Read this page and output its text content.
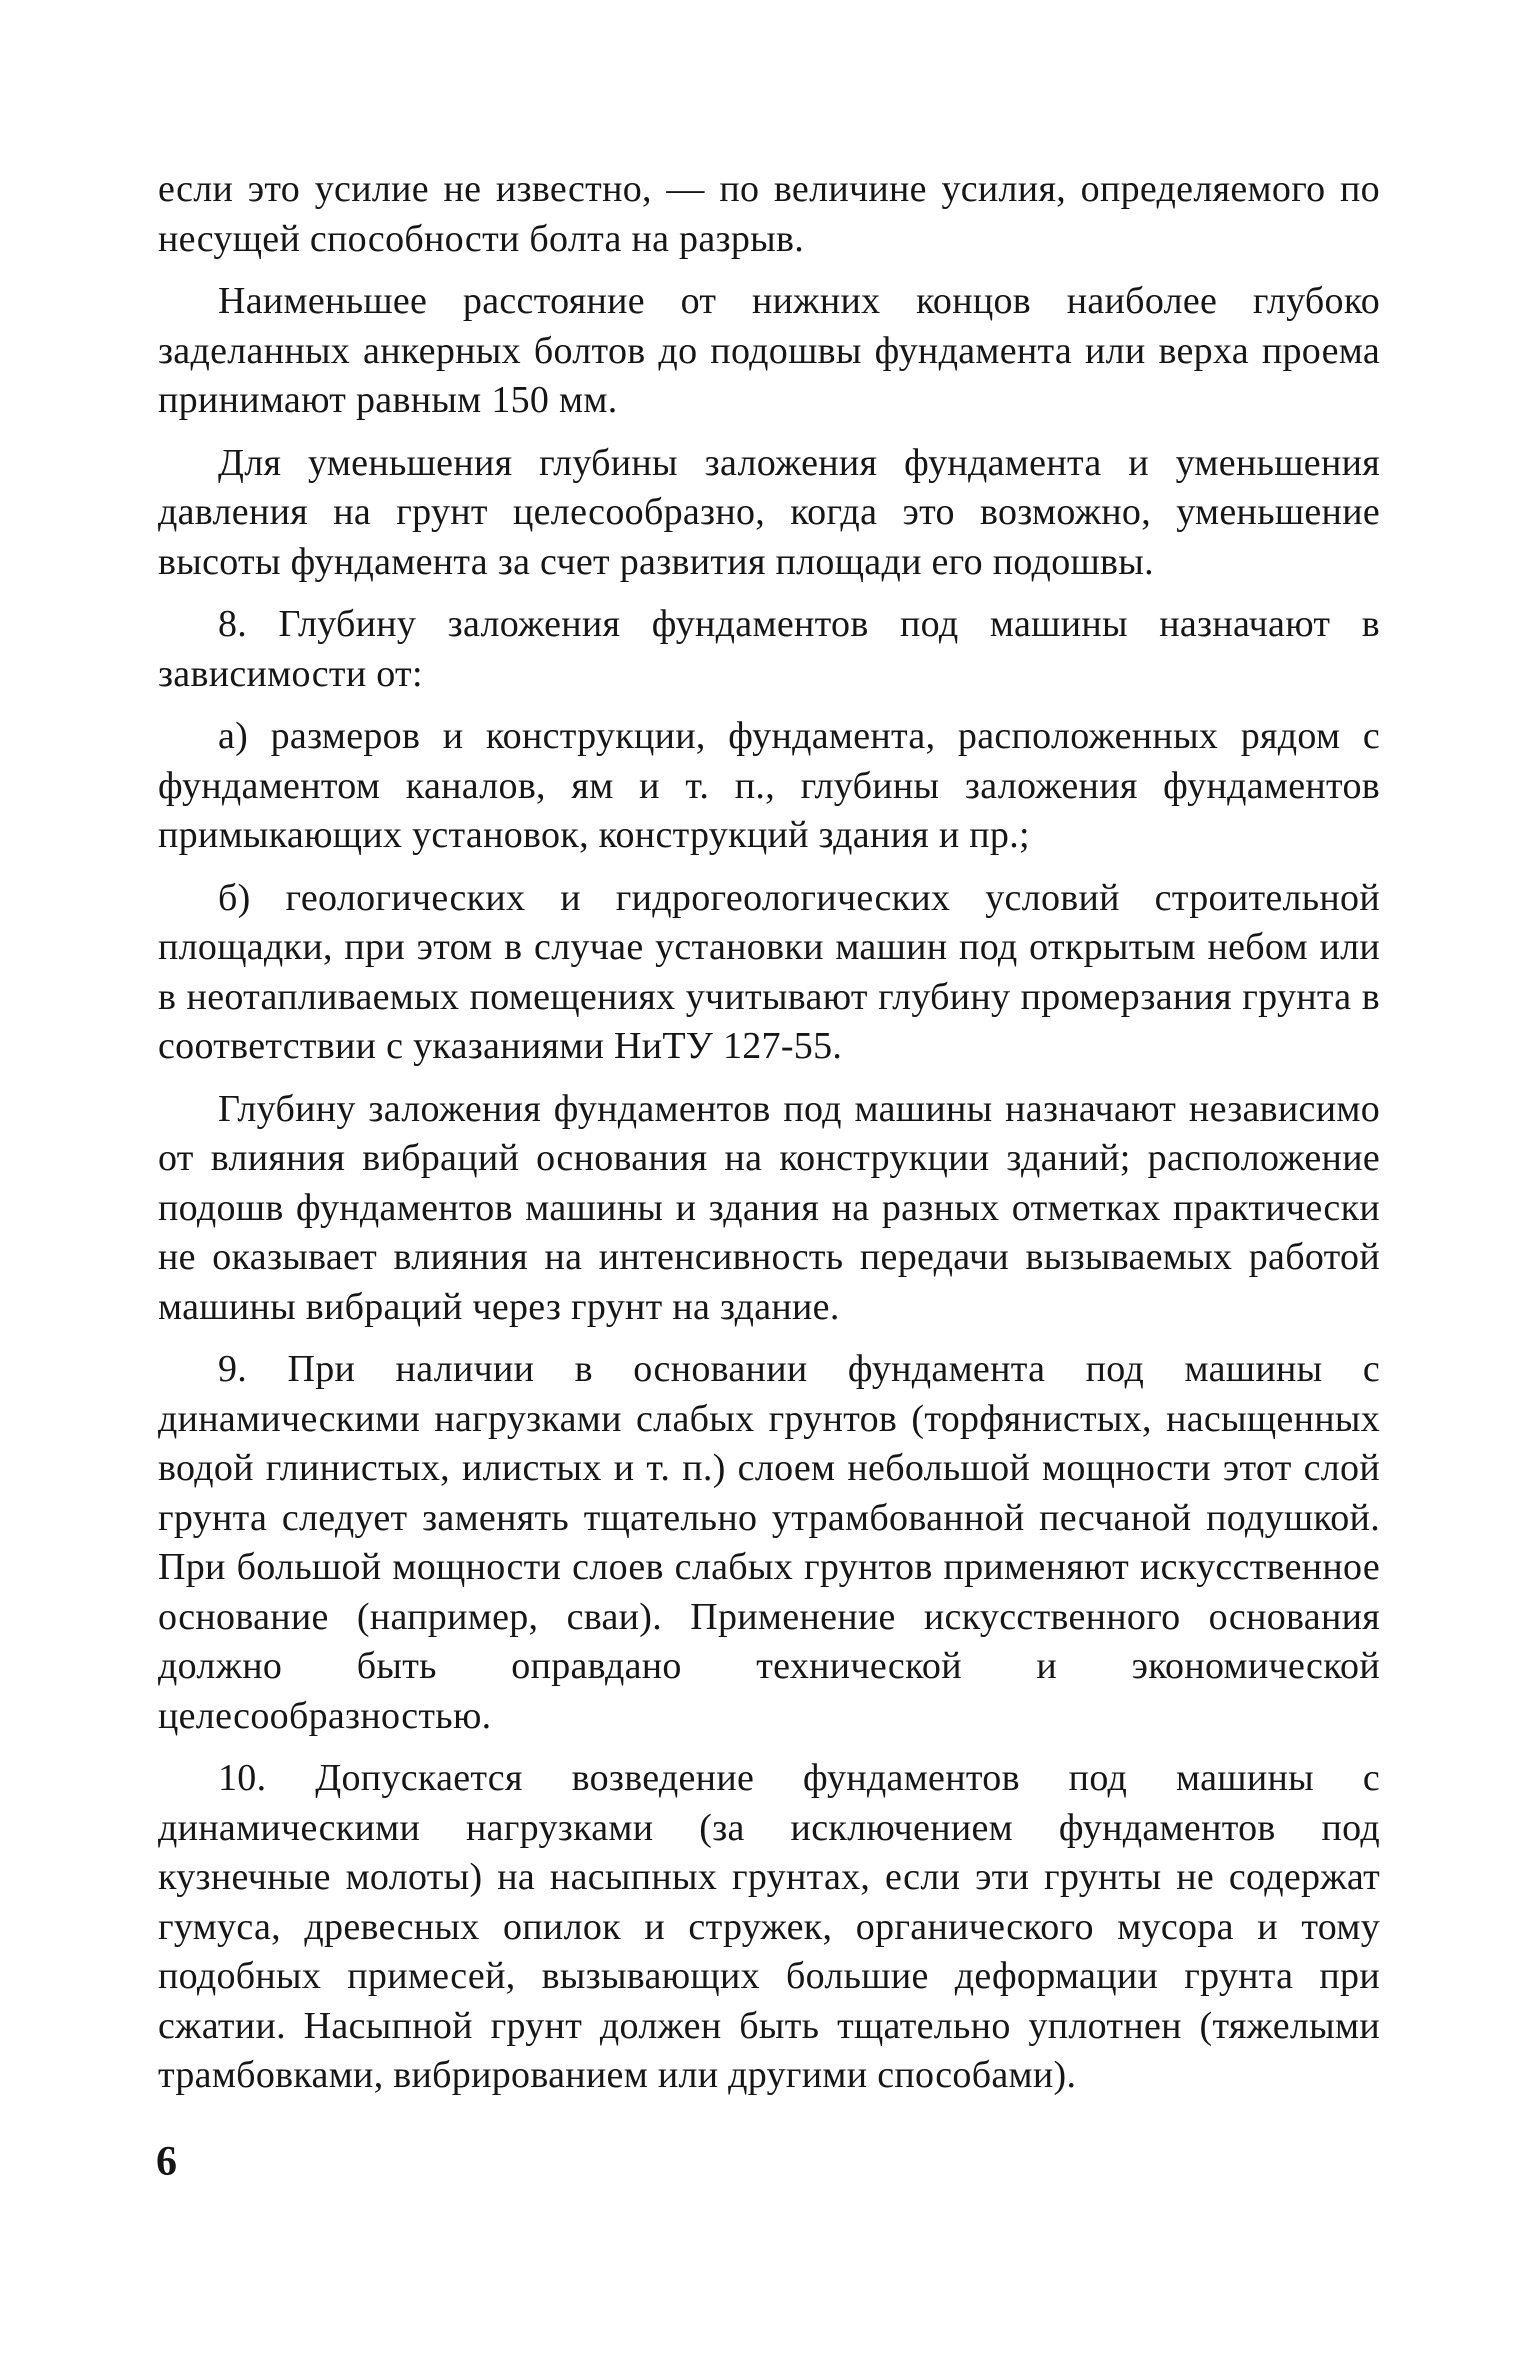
если это усилие не известно, — по величине усилия, определяемого по несущей способности болта на разрыв.

Наименьшее расстояние от нижних концов наиболее глубоко заделанных анкерных болтов до подошвы фундамента или верха проема принимают равным 150 мм.

Для уменьшения глубины заложения фундамента и уменьшения давления на грунт целесообразно, когда это возможно, уменьшение высоты фундамента за счет развития площади его подошвы.

8. Глубину заложения фундаментов под машины назначают в зависимости от:

а) размеров и конструкции, фундамента, расположенных рядом с фундаментом каналов, ям и т. п., глубины заложения фундаментов примыкающих установок, конструкций здания и пр.;

б) геологических и гидрогеологических условий строительной площадки, при этом в случае установки машин под открытым небом или в неотапливаемых помещениях учитывают глубину промерзания грунта в соответствии с указаниями НиТУ 127-55.

Глубину заложения фундаментов под машины назначают независимо от влияния вибраций основания на конструкции зданий; расположение подошв фундаментов машины и здания на разных отметках практически не оказывает влияния на интенсивность передачи вызываемых работой машины вибраций через грунт на здание.

9. При наличии в основании фундамента под машины с динамическими нагрузками слабых грунтов (торфянистых, насыщенных водой глинистых, илистых и т. п.) слоем небольшой мощности этот слой грунта следует заменять тщательно утрамбованной песчаной подушкой. При большой мощности слоев слабых грунтов применяют искусственное основание (например, сваи). Применение искусственного основания должно быть оправдано технической и экономической целесообразностью.

10. Допускается возведение фундаментов под машины с динамическими нагрузками (за исключением фундаментов под кузнечные молоты) на насыпных грунтах, если эти грунты не содержат гумуса, древесных опилок и стружек, органического мусора и тому подобных примесей, вызывающих большие деформации грунта при сжатии. Насыпной грунт должен быть тщательно уплотнен (тяжелыми трамбовками, вибрированием или другими способами).

6
